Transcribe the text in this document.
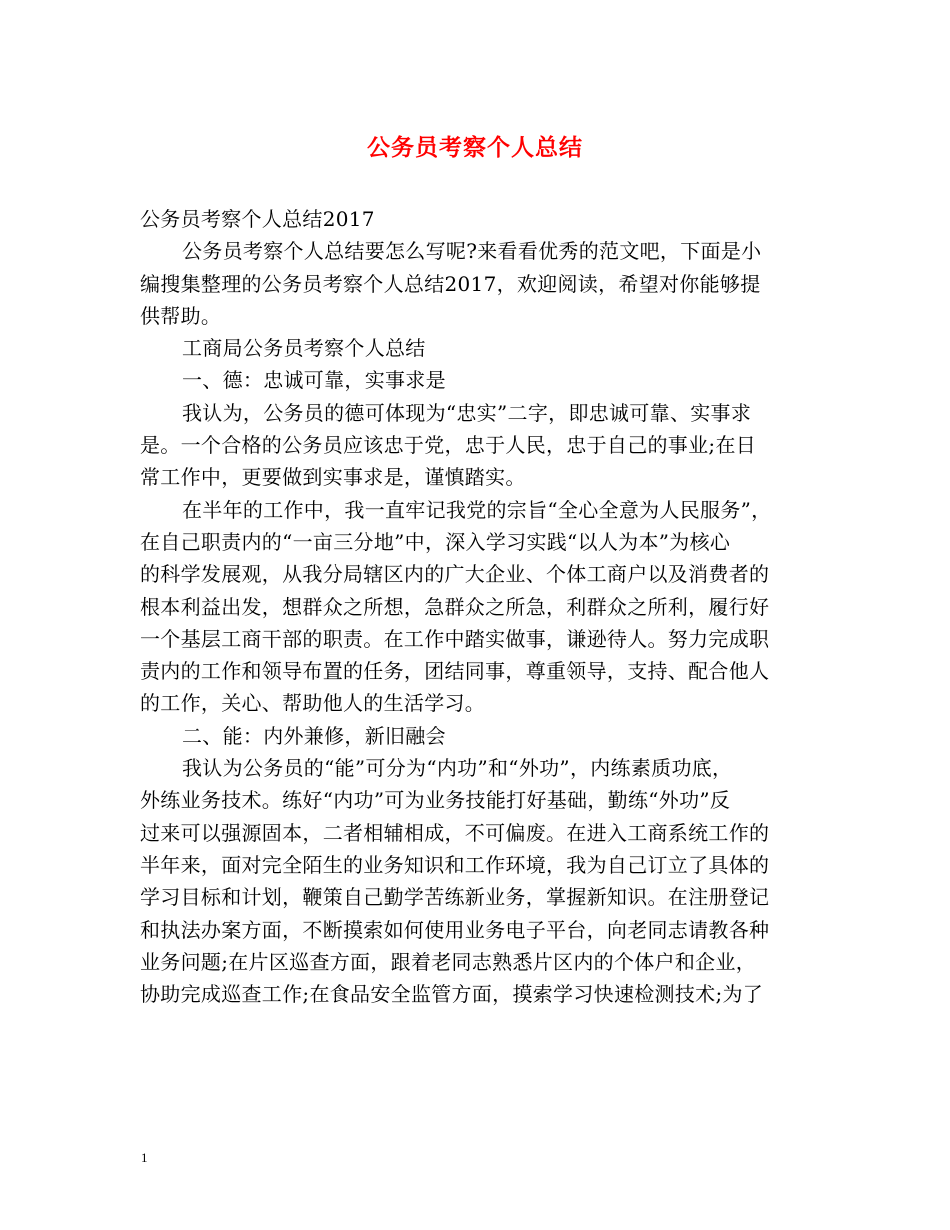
公务员考察个人总结
公务员考察个人总结2017
公务员考察个人总结要怎么写呢?来看看优秀的范文吧，下面是小
编搜集整理的公务员考察个人总结2017，欢迎阅读，希望对你能够提
供帮助。
工商局公务员考察个人总结
一、德：忠诚可靠，实事求是
我认为，公务员的德可体现为“忠实”二字，即忠诚可靠、实事求
是。一个合格的公务员应该忠于党，忠于人民，忠于自己的事业;在日
常工作中，更要做到实事求是，谨慎踏实。
在半年的工作中，我一直牢记我党的宗旨“全心全意为人民服务”，
在自己职责内的“一亩三分地”中，深入学习实践“以人为本”为核心
的科学发展观，从我分局辖区内的广大企业、个体工商户以及消费者的
根本利益出发，想群众之所想，急群众之所急，利群众之所利，履行好
一个基层工商干部的职责。在工作中踏实做事，谦逊待人。努力完成职
责内的工作和领导布置的任务，团结同事，尊重领导，支持、配合他人
的工作，关心、帮助他人的生活学习。
二、能：内外兼修，新旧融会
我认为公务员的“能”可分为“内功”和“外功”，内练素质功底，
外练业务技术。练好“内功”可为业务技能打好基础，勤练“外功”反
过来可以强源固本，二者相辅相成，不可偏废。在进入工商系统工作的
半年来，面对完全陌生的业务知识和工作环境，我为自己订立了具体的
学习目标和计划，鞭策自己勤学苦练新业务，掌握新知识。在注册登记
和执法办案方面，不断摸索如何使用业务电子平台，向老同志请教各种
业务问题;在片区巡查方面，跟着老同志熟悉片区内的个体户和企业，
协助完成巡查工作;在食品安全监管方面，摸索学习快速检测技术;为了
1
